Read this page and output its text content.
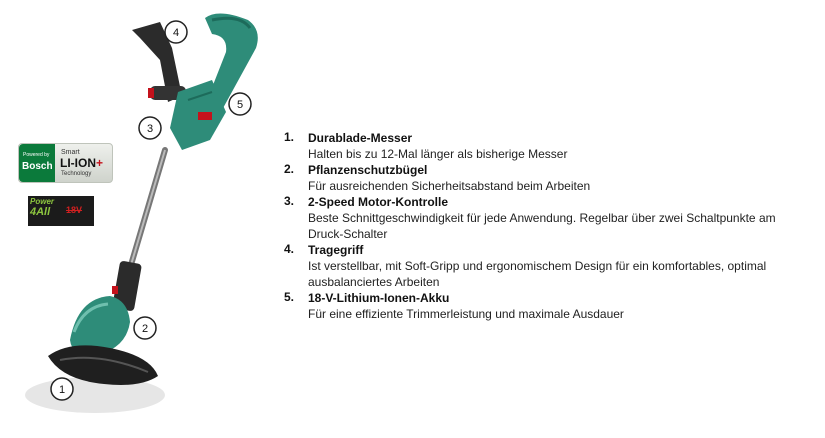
1
2
3
4
5
Powered by
Bosch
Smart
LI-ION+
Technology
Power
4All 18V
1. Durablade-Messer
Halten bis zu 12-Mal länger als bisherige Messer
2. Pflanzenschutzbügel
Für ausreichenden Sicherheitsabstand beim Arbeiten
3. 2-Speed Motor-Kontrolle
Beste Schnittgeschwindigkeit für jede Anwendung. Regelbar über zwei Schaltpunkte am Druck-Schalter
4. Tragegriff
Ist verstellbar, mit Soft-Gripp und ergonomischem Design für ein komfortables, optimal ausbalanciertes Arbeiten
5. 18-V-Lithium-Ionen-Akku
Für eine effiziente Trimmerleistung und maximale Ausdauer
